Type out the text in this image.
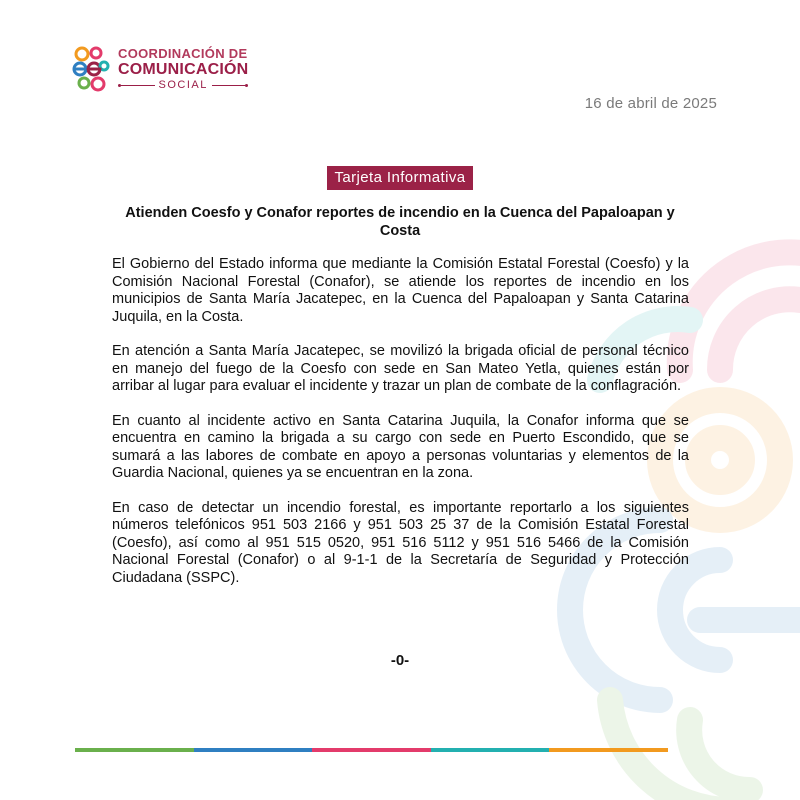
COORDINACIÓN DE
COMUNICACIÓN
SOCIAL
16 de abril de 2025
Tarjeta Informativa
Atienden Coesfo y Conafor reportes de incendio en la Cuenca del Papaloapan y Costa

El Gobierno del Estado informa que mediante la Comisión Estatal Forestal (Coesfo) y la Comisión Nacional Forestal (Conafor), se atiende los reportes de incendio en los municipios de Santa María Jacatepec, en la Cuenca del Papaloapan y Santa Catarina Juquila, en la Costa.

En atención a Santa María Jacatepec, se movilizó la brigada oficial de personal técnico en manejo del fuego de la Coesfo con sede en San Mateo Yetla, quienes están por arribar al lugar para evaluar el incidente y trazar un plan de combate de la conflagración.

En cuanto al incidente activo en Santa Catarina Juquila, la Conafor informa que se encuentra en camino la brigada a su cargo con sede en Puerto Escondido, que se sumará a las labores de combate en apoyo a personas voluntarias y elementos de la Guardia Nacional, quienes ya se encuentran en la zona.

En caso de detectar un incendio forestal, es importante reportarlo a los siguientes números telefónicos 951 503 2166 y 951 503 25 37 de la Comisión Estatal Forestal (Coesfo), así como al 951 515 0520, 951 516 5112 y 951 516 5466 de la Comisión Nacional Forestal (Conafor) o al 9-1-1 de la Secretaría de Seguridad y Protección Ciudadana (SSPC).

-0-
